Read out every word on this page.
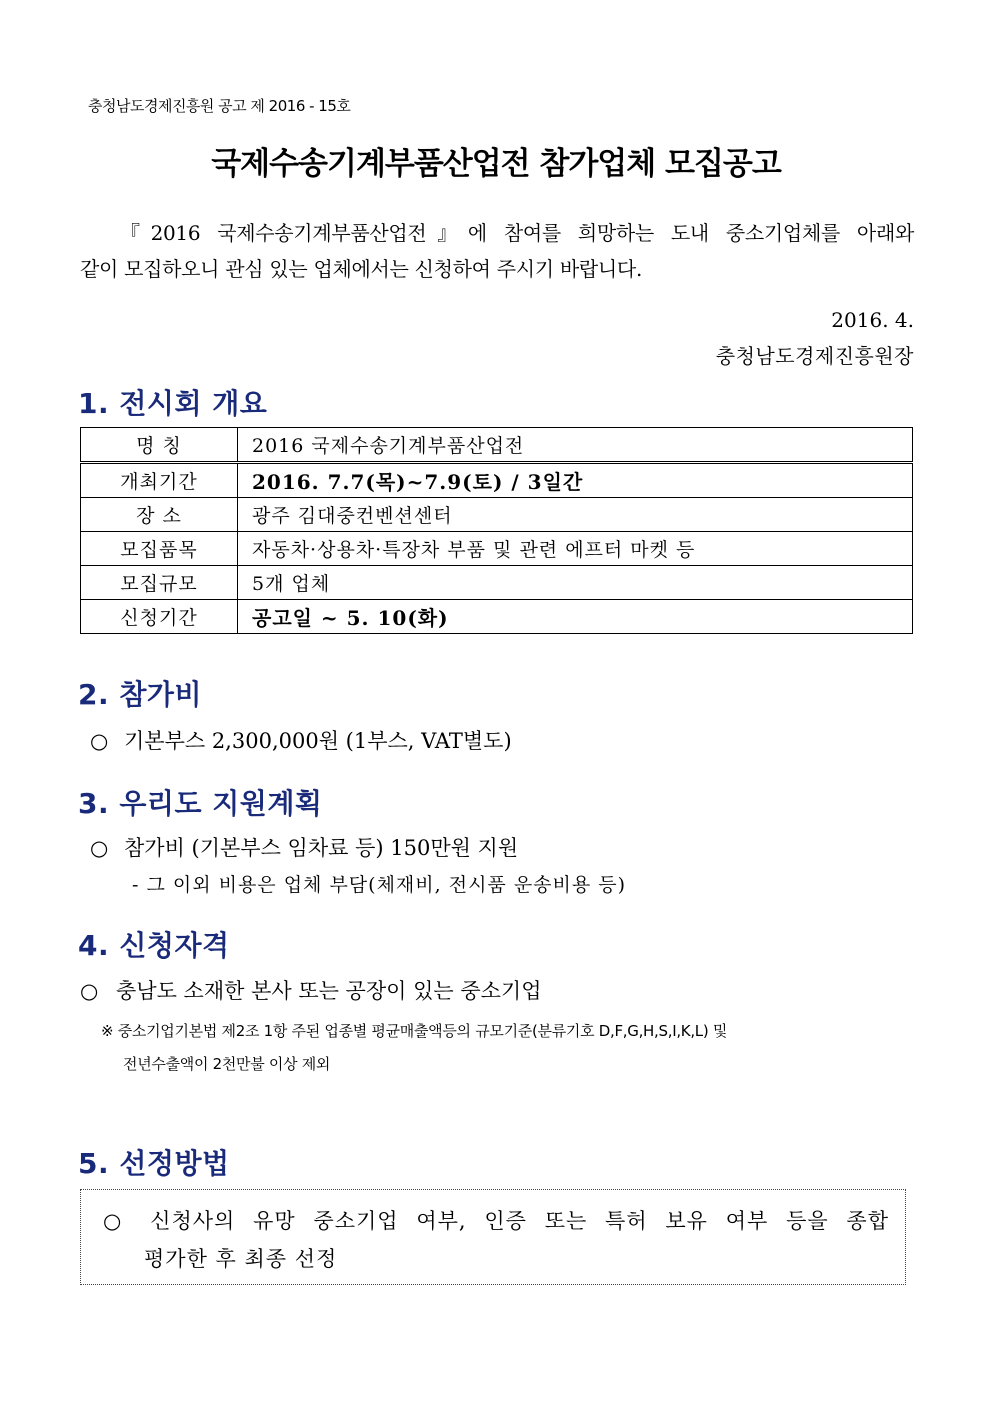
충청남도경제진흥원 공고 제 2016 - 15호
국제수송기계부품산업전 참가업체 모집공고

『2016 국제수송기계부품산업전』에 참여를 희망하는 도내 중소기업체를 아래와

같이 모집하오니 관심 있는 업체에서는 신청하여 주시기 바랍니다.

2016. 4.
충청남도경제진흥원장
1. 전시회 개요
명 칭	2016 국제수송기계부품산업전
개최기간	2016. 7.7(목)~7.9(토) / 3일간
장 소	광주 김대중컨벤션센터
모집품목	자동차·상용차·특장차 부품 및 관련 에프터 마켓 등
모집규모	5개 업체
신청기간	공고일 ~ 5. 10(화)
2. 참가비
○ 기본부스 2,300,000원 (1부스, VAT별도)
3. 우리도 지원계획
○ 참가비 (기본부스 임차료 등) 150만원 지원
- 그 이외 비용은 업체 부담(체재비, 전시품 운송비용 등)
4. 신청자격
○ 충남도 소재한 본사 또는 공장이 있는 중소기업

※ 중소기업기본법 제2조 1항 주된 업종별 평균매출액등의 규모기준(분류기호 D,F,G,H,S,I,K,L) 및

전년수출액이 2천만불 이상 제외

5. 선정방법

○ 신청사의 유망 중소기업 여부, 인증 또는 특허 보유 여부 등을 종합

평가한 후 최종 선정
